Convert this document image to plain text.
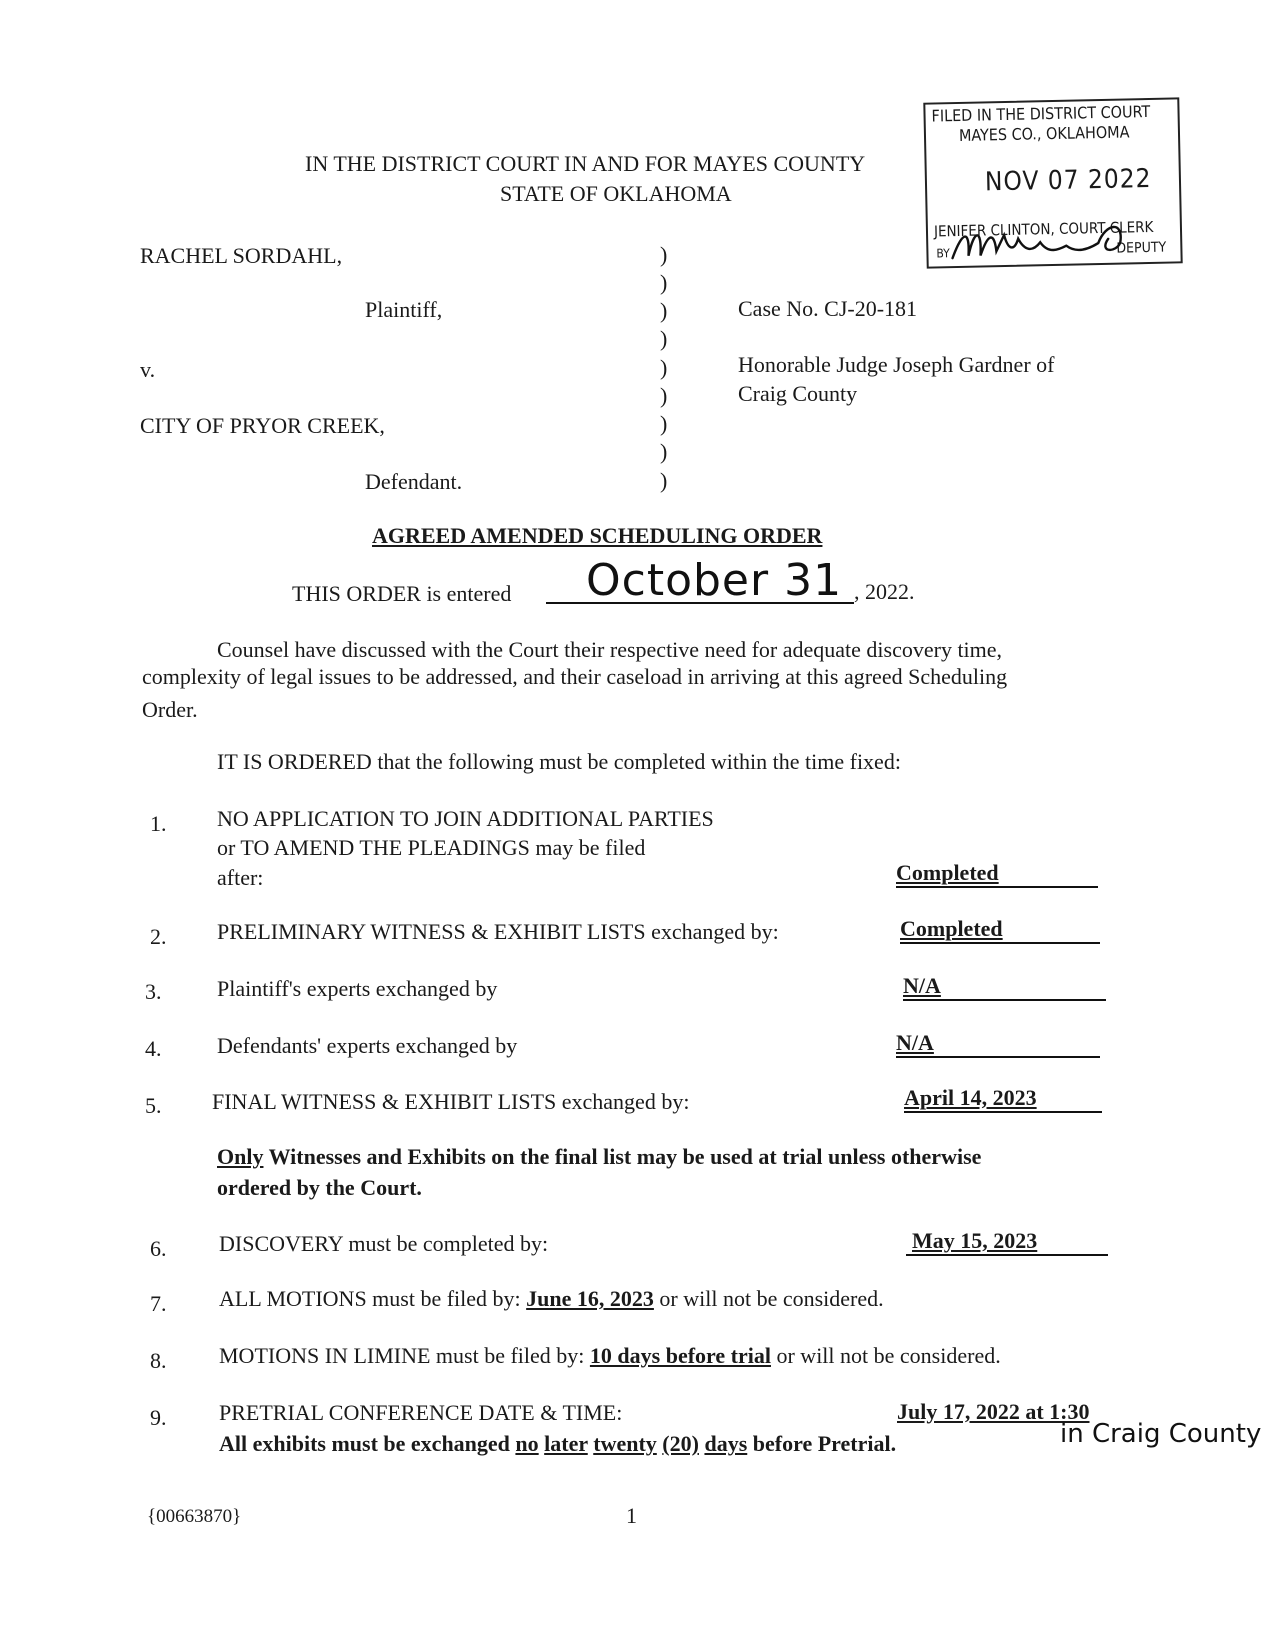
FILED IN THE DISTRICT COURT
MAYES CO., OKLAHOMA
NOV 07 2022
JENIFER CLINTON, COURT CLERK
BY	DEPUTY
IN THE DISTRICT COURT IN AND FOR MAYES COUNTY
STATE OF OKLAHOMA
RACHEL SORDAHL,
Plaintiff,
v.
CITY OF PRYOR CREEK,
Defendant.
)
)
)
)
)
)
)
)
)
Case No. CJ-20-181
Honorable Judge Joseph Gardner of
Craig County
AGREED AMENDED SCHEDULING ORDER
THIS ORDER is entered October 31 , 2022.
Counsel have discussed with the Court their respective need for adequate discovery time,
complexity of legal issues to be addressed, and their caseload in arriving at this agreed Scheduling
Order.
IT IS ORDERED that the following must be completed within the time fixed:
1. NO APPLICATION TO JOIN ADDITIONAL PARTIES
or TO AMEND THE PLEADINGS may be filed
after:	Completed
2. PRELIMINARY WITNESS & EXHIBIT LISTS exchanged by:	Completed
3.	Plaintiff's experts exchanged by	N/A
4.	Defendants' experts exchanged by	N/A
5. FINAL WITNESS & EXHIBIT LISTS exchanged by:	April 14, 2023
Only Witnesses and Exhibits on the final list may be used at trial unless otherwise
ordered by the Court.
6. DISCOVERY must be completed by:	May 15, 2023
7. ALL MOTIONS must be filed by: June 16, 2023 or will not be considered.
8. MOTIONS IN LIMINE must be filed by: 10 days before trial or will not be considered.
9. PRETRIAL CONFERENCE DATE & TIME:	July 17, 2022 at 1:30
All exhibits must be exchanged no later twenty (20) days before Pretrial.	in Craig County
{00663870}	1
